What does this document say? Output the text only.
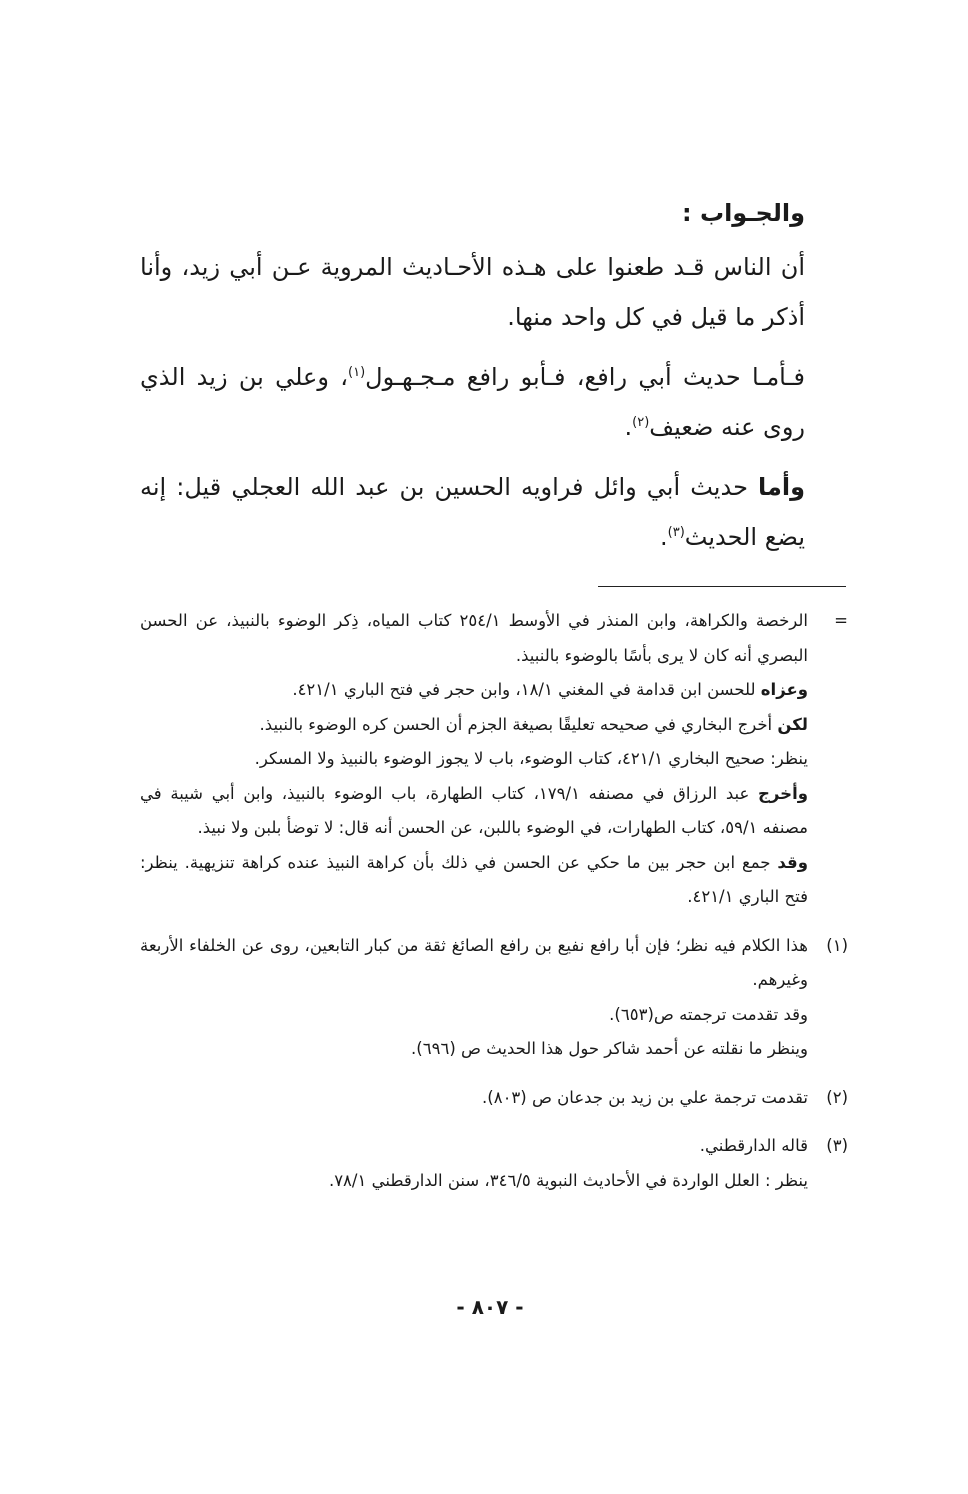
والجـواب :

أن الناس قـد طعنوا على هـذه الأحـاديث المروية عـن أبي زيد، وأنا أذكر ما قيل في كل واحد منها.

فـأمـا حديث أبي رافع، فـأبو رافع مـجـهـول$^{(١)}$، وعلي بن زيد الذي روى عنه ضعيف$^{(٢)}$.

وأما حديث أبي وائل فراويه الحسين بن عبد الله العجلي قيل: إنه يضع الحديث$^{(٣)}$.

=

الرخصة والكراهة، وابن المنذر في الأوسط ٢٥٤/١ كتاب المياه، ذِكر الوضوء بالنبيذ، عن الحسن البصري أنه كان لا يرى بأسًا بالوضوء بالنبيذ.

وعزاه للحسن ابن قدامة في المغني ١٨/١، وابن حجر في فتح الباري ٤٢١/١.

لكن أخرج البخاري في صحيحه تعليقًا بصيغة الجزم أن الحسن كره الوضوء بالنبيذ.

ينظر: صحيح البخاري ٤٢١/١، كتاب الوضوء، باب لا يجوز الوضوء بالنبيذ ولا المسكر.

وأخرج عبد الرزاق في مصنفه ١٧٩/١، كتاب الطهارة، باب الوضوء بالنبيذ، وابن أبي شيبة في مصنفه ٥٩/١، كتاب الطهارات، في الوضوء باللبن، عن الحسن أنه قال: لا توضأ بلبن ولا نبيذ.

وقد جمع ابن حجر بين ما حكي عن الحسن في ذلك بأن كراهة النبيذ عنده كراهة تنزيهية. ينظر: فتح الباري ٤٢١/١.

(١)

هذا الكلام فيه نظر؛ فإن أبا رافع نفيع بن رافع الصائغ ثقة من كبار التابعين، روى عن الخلفاء الأربعة وغيرهم.

وقد تقدمت ترجمته ص(٦٥٣).

وينظر ما نقلته عن أحمد شاكر حول هذا الحديث ص (٦٩٦).

(٢)

تقدمت ترجمة علي بن زيد بن جدعان ص (٨٠٣).

(٣)

قاله الدارقطني.

ينظر : العلل الواردة في الأحاديث النبوية ٣٤٦/٥، سنن الدارقطني ٧٨/١.

- ٨٠٧ -
